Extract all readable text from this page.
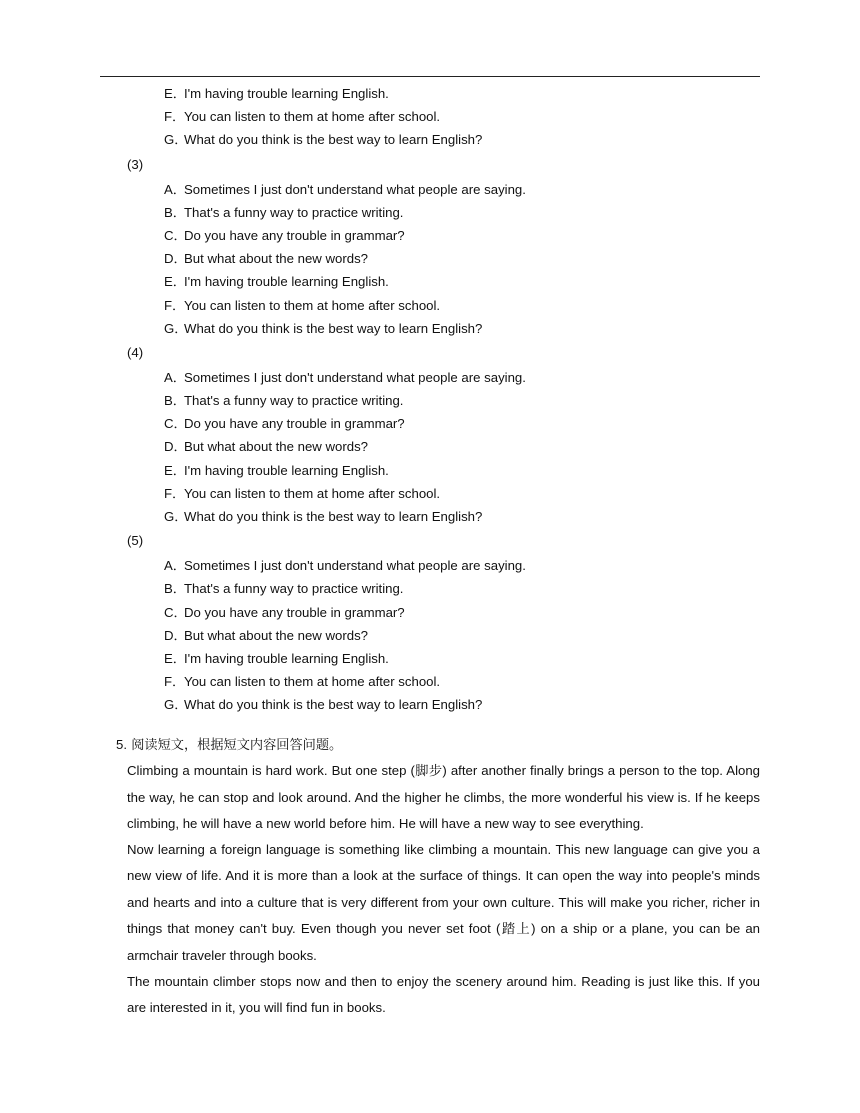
E．I'm having trouble learning English.
F．You can listen to them at home after school.
G．What do you think is the best way to learn English?
(3)
A．Sometimes I just don't understand what people are saying.
B．That's a funny way to practice writing.
C．Do you have any trouble in grammar?
D．But what about the new words?
E．I'm having trouble learning English.
F．You can listen to them at home after school.
G．What do you think is the best way to learn English?
(4)
A．Sometimes I just don't understand what people are saying.
B．That's a funny way to practice writing.
C．Do you have any trouble in grammar?
D．But what about the new words?
E．I'm having trouble learning English.
F．You can listen to them at home after school.
G．What do you think is the best way to learn English?
(5)
A．Sometimes I just don't understand what people are saying.
B．That's a funny way to practice writing.
C．Do you have any trouble in grammar?
D．But what about the new words?
E．I'm having trouble learning English.
F．You can listen to them at home after school.
G．What do you think is the best way to learn English?
5. 阅读短文，根据短文内容回答问题。

Climbing a mountain is hard work. But one step (脚步) after another finally brings a person to the top. Along the way, he can stop and look around. And the higher he climbs, the more wonderful his view is. If he keeps climbing, he will have a new world before him. He will have a new way to see everything.

Now learning a foreign language is something like climbing a mountain. This new language can give you a new view of life. And it is more than a look at the surface of things. It can open the way into people's minds and hearts and into a culture that is very different from your own culture. This will make you richer, richer in things that money can't buy. Even though you never set foot (踏上) on a ship or a plane, you can be an armchair traveler through books.

The mountain climber stops now and then to enjoy the scenery around him. Reading is just like this. If you are interested in it, you will find fun in books.
